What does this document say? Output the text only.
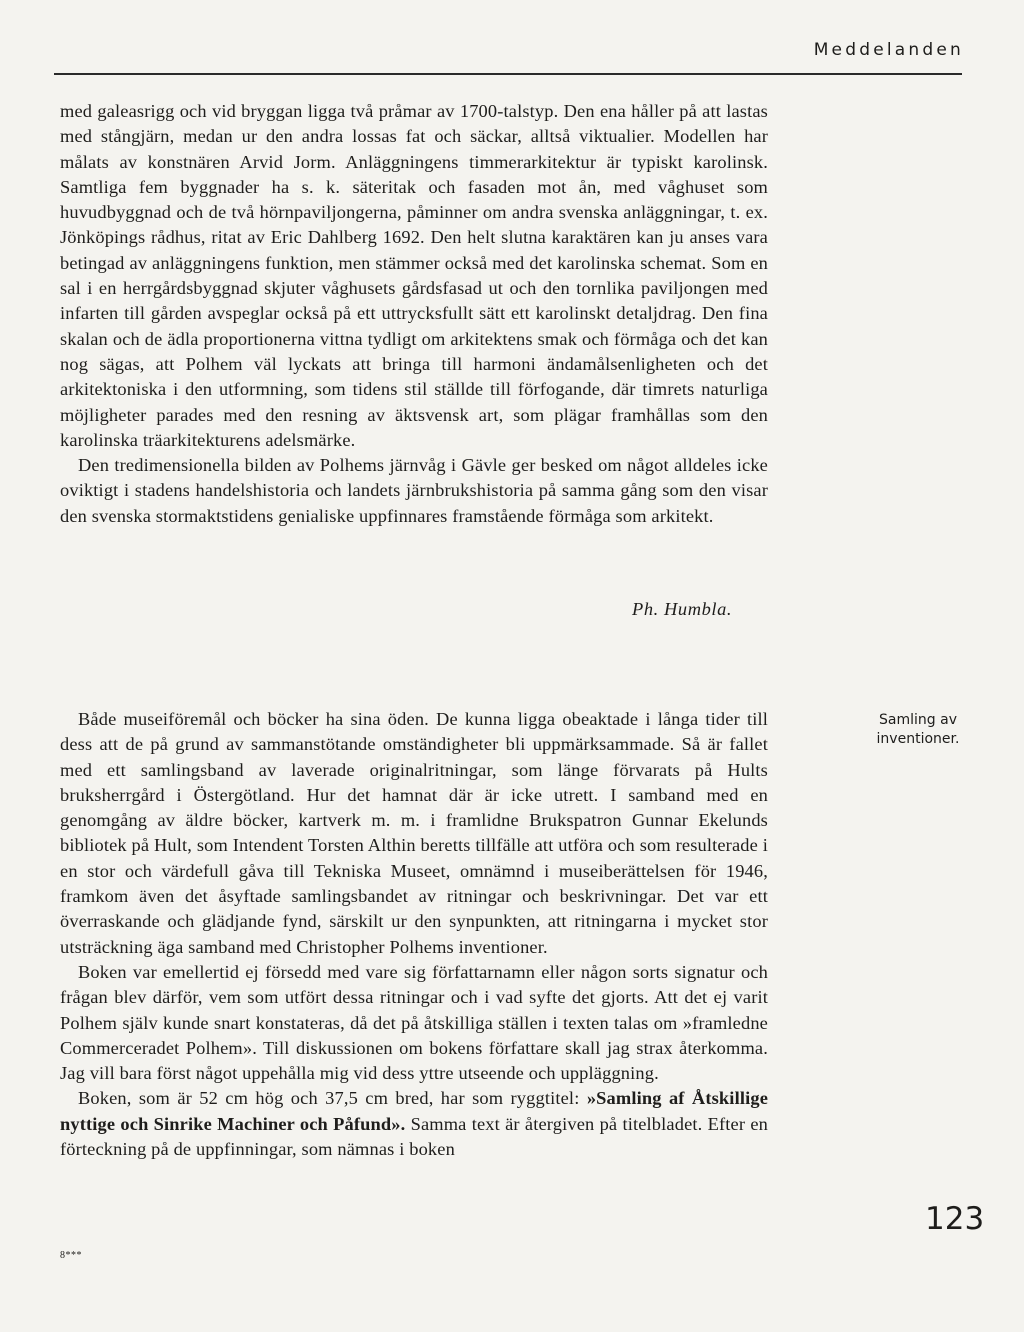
Meddelanden

med galeasrigg och vid bryggan ligga två pråmar av 1700-talstyp. Den ena håller på att lastas med stångjärn, medan ur den andra lossas fat och säckar, alltså viktualier. Modellen har målats av konstnären Arvid Jorm. Anläggningens timmerarkitektur är typiskt karolinsk. Samtliga fem byggnader ha s. k. säteritak och fasaden mot ån, med våghuset som huvudbyggnad och de två hörnpaviljongerna, påminner om andra svenska anläggningar, t. ex. Jönköpings rådhus, ritat av Eric Dahlberg 1692. Den helt slutna karaktären kan ju anses vara betingad av anläggningens funktion, men stämmer också med det karolinska schemat. Som en sal i en herrgårdsbyggnad skjuter våghusets gårdsfasad ut och den tornlika paviljongen med infarten till gården avspeglar också på ett uttrycksfullt sätt ett karolinskt detaljdrag. Den fina skalan och de ädla proportionerna vittna tydligt om arkitektens smak och förmåga och det kan nog sägas, att Polhem väl lyckats att bringa till harmoni ändamålsenligheten och det arkitektoniska i den utformning, som tidens stil ställde till förfogande, där timrets naturliga möjligheter parades med den resning av äktsvensk art, som plägar framhållas som den karolinska träarkitekturens adelsmärke.

Den tredimensionella bilden av Polhems järnvåg i Gävle ger besked om något alldeles icke oviktigt i stadens handelshistoria och landets järnbrukshistoria på samma gång som den visar den svenska stormaktstidens genialiske uppfinnares framstående förmåga som arkitekt.

Ph. Humbla.
Samling av inventioner.

Både museiföremål och böcker ha sina öden. De kunna ligga obeaktade i långa tider till dess att de på grund av sammanstötande omständigheter bli uppmärksammade. Så är fallet med ett samlingsband av laverade originalritningar, som länge förvarats på Hults bruksherrgård i Östergötland. Hur det hamnat där är icke utrett. I samband med en genomgång av äldre böcker, kartverk m. m. i framlidne Brukspatron Gunnar Ekelunds bibliotek på Hult, som Intendent Torsten Althin beretts tillfälle att utföra och som resulterade i en stor och värdefull gåva till Tekniska Museet, omnämnd i museiberättelsen för 1946, framkom även det åsyftade samlingsbandet av ritningar och beskrivningar. Det var ett överraskande och glädjande fynd, särskilt ur den synpunkten, att ritningarna i mycket stor utsträckning äga samband med Christopher Polhems inventioner.

Boken var emellertid ej försedd med vare sig författarnamn eller någon sorts signatur och frågan blev därför, vem som utfört dessa ritningar och i vad syfte det gjorts. Att det ej varit Polhem själv kunde snart konstateras, då det på åtskilliga ställen i texten talas om »framledne Commerceradet Polhem». Till diskussionen om bokens författare skall jag strax återkomma. Jag vill bara först något uppehålla mig vid dess yttre utseende och uppläggning.

Boken, som är 52 cm hög och 37,5 cm bred, har som ryggtitel: »Samling af Åtskillige nyttige och Sinrike Machiner och Påfund». Samma text är återgiven på titelbladet. Efter en förteckning på de uppfinningar, som nämnas i boken

123
8***
